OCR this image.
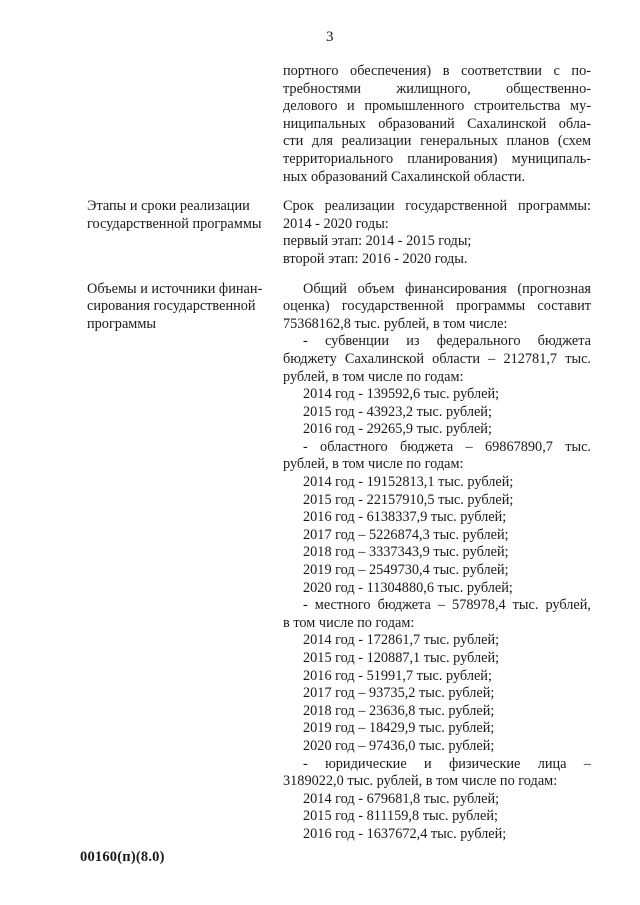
3
портного обеспечения) в соответствии с по-
требностями жилищного, общественно-
делового и промышленного строительства му-
ниципальных образований Сахалинской обла-
сти для реализации генеральных планов (схем
территориального планирования) муниципаль-
ных образований Сахалинской области.
Этапы и сроки реализации
государственной программы
Срок реализации государственной программы:
2014 - 2020 годы:
первый этап: 2014 - 2015 годы;
второй этап: 2016 - 2020 годы.
Объемы и источники финан-
сирования государственной
программы
Общий объем финансирования (прогнозная
оценка) государственной программы составит
75368162,8 тыс. рублей, в том числе:
- субвенции из федерального бюджета
бюджету Сахалинской области – 212781,7 тыс.
рублей, в том числе по годам:
2014 год - 139592,6 тыс. рублей;
2015 год - 43923,2 тыс. рублей;
2016 год - 29265,9 тыс. рублей;
- областного бюджета – 69867890,7 тыс.
рублей, в том числе по годам:
2014 год - 19152813,1 тыс. рублей;
2015 год - 22157910,5 тыс. рублей;
2016 год - 6138337,9 тыс. рублей;
2017 год – 5226874,3 тыс. рублей;
2018 год – 3337343,9 тыс. рублей;
2019 год – 2549730,4 тыс. рублей;
2020 год - 11304880,6 тыс. рублей;
- местного бюджета – 578978,4 тыс. рублей,
в том числе по годам:
2014 год - 172861,7 тыс. рублей;
2015 год - 120887,1 тыс. рублей;
2016 год - 51991,7 тыс. рублей;
2017 год – 93735,2 тыс. рублей;
2018 год – 23636,8 тыс. рублей;
2019 год – 18429,9 тыс. рублей;
2020 год – 97436,0 тыс. рублей;
- юридические и физические лица –
3189022,0 тыс. рублей, в том числе по годам:
2014 год - 679681,8 тыс. рублей;
2015 год - 811159,8 тыс. рублей;
2016 год - 1637672,4 тыс. рублей;
00160(п)(8.0)
